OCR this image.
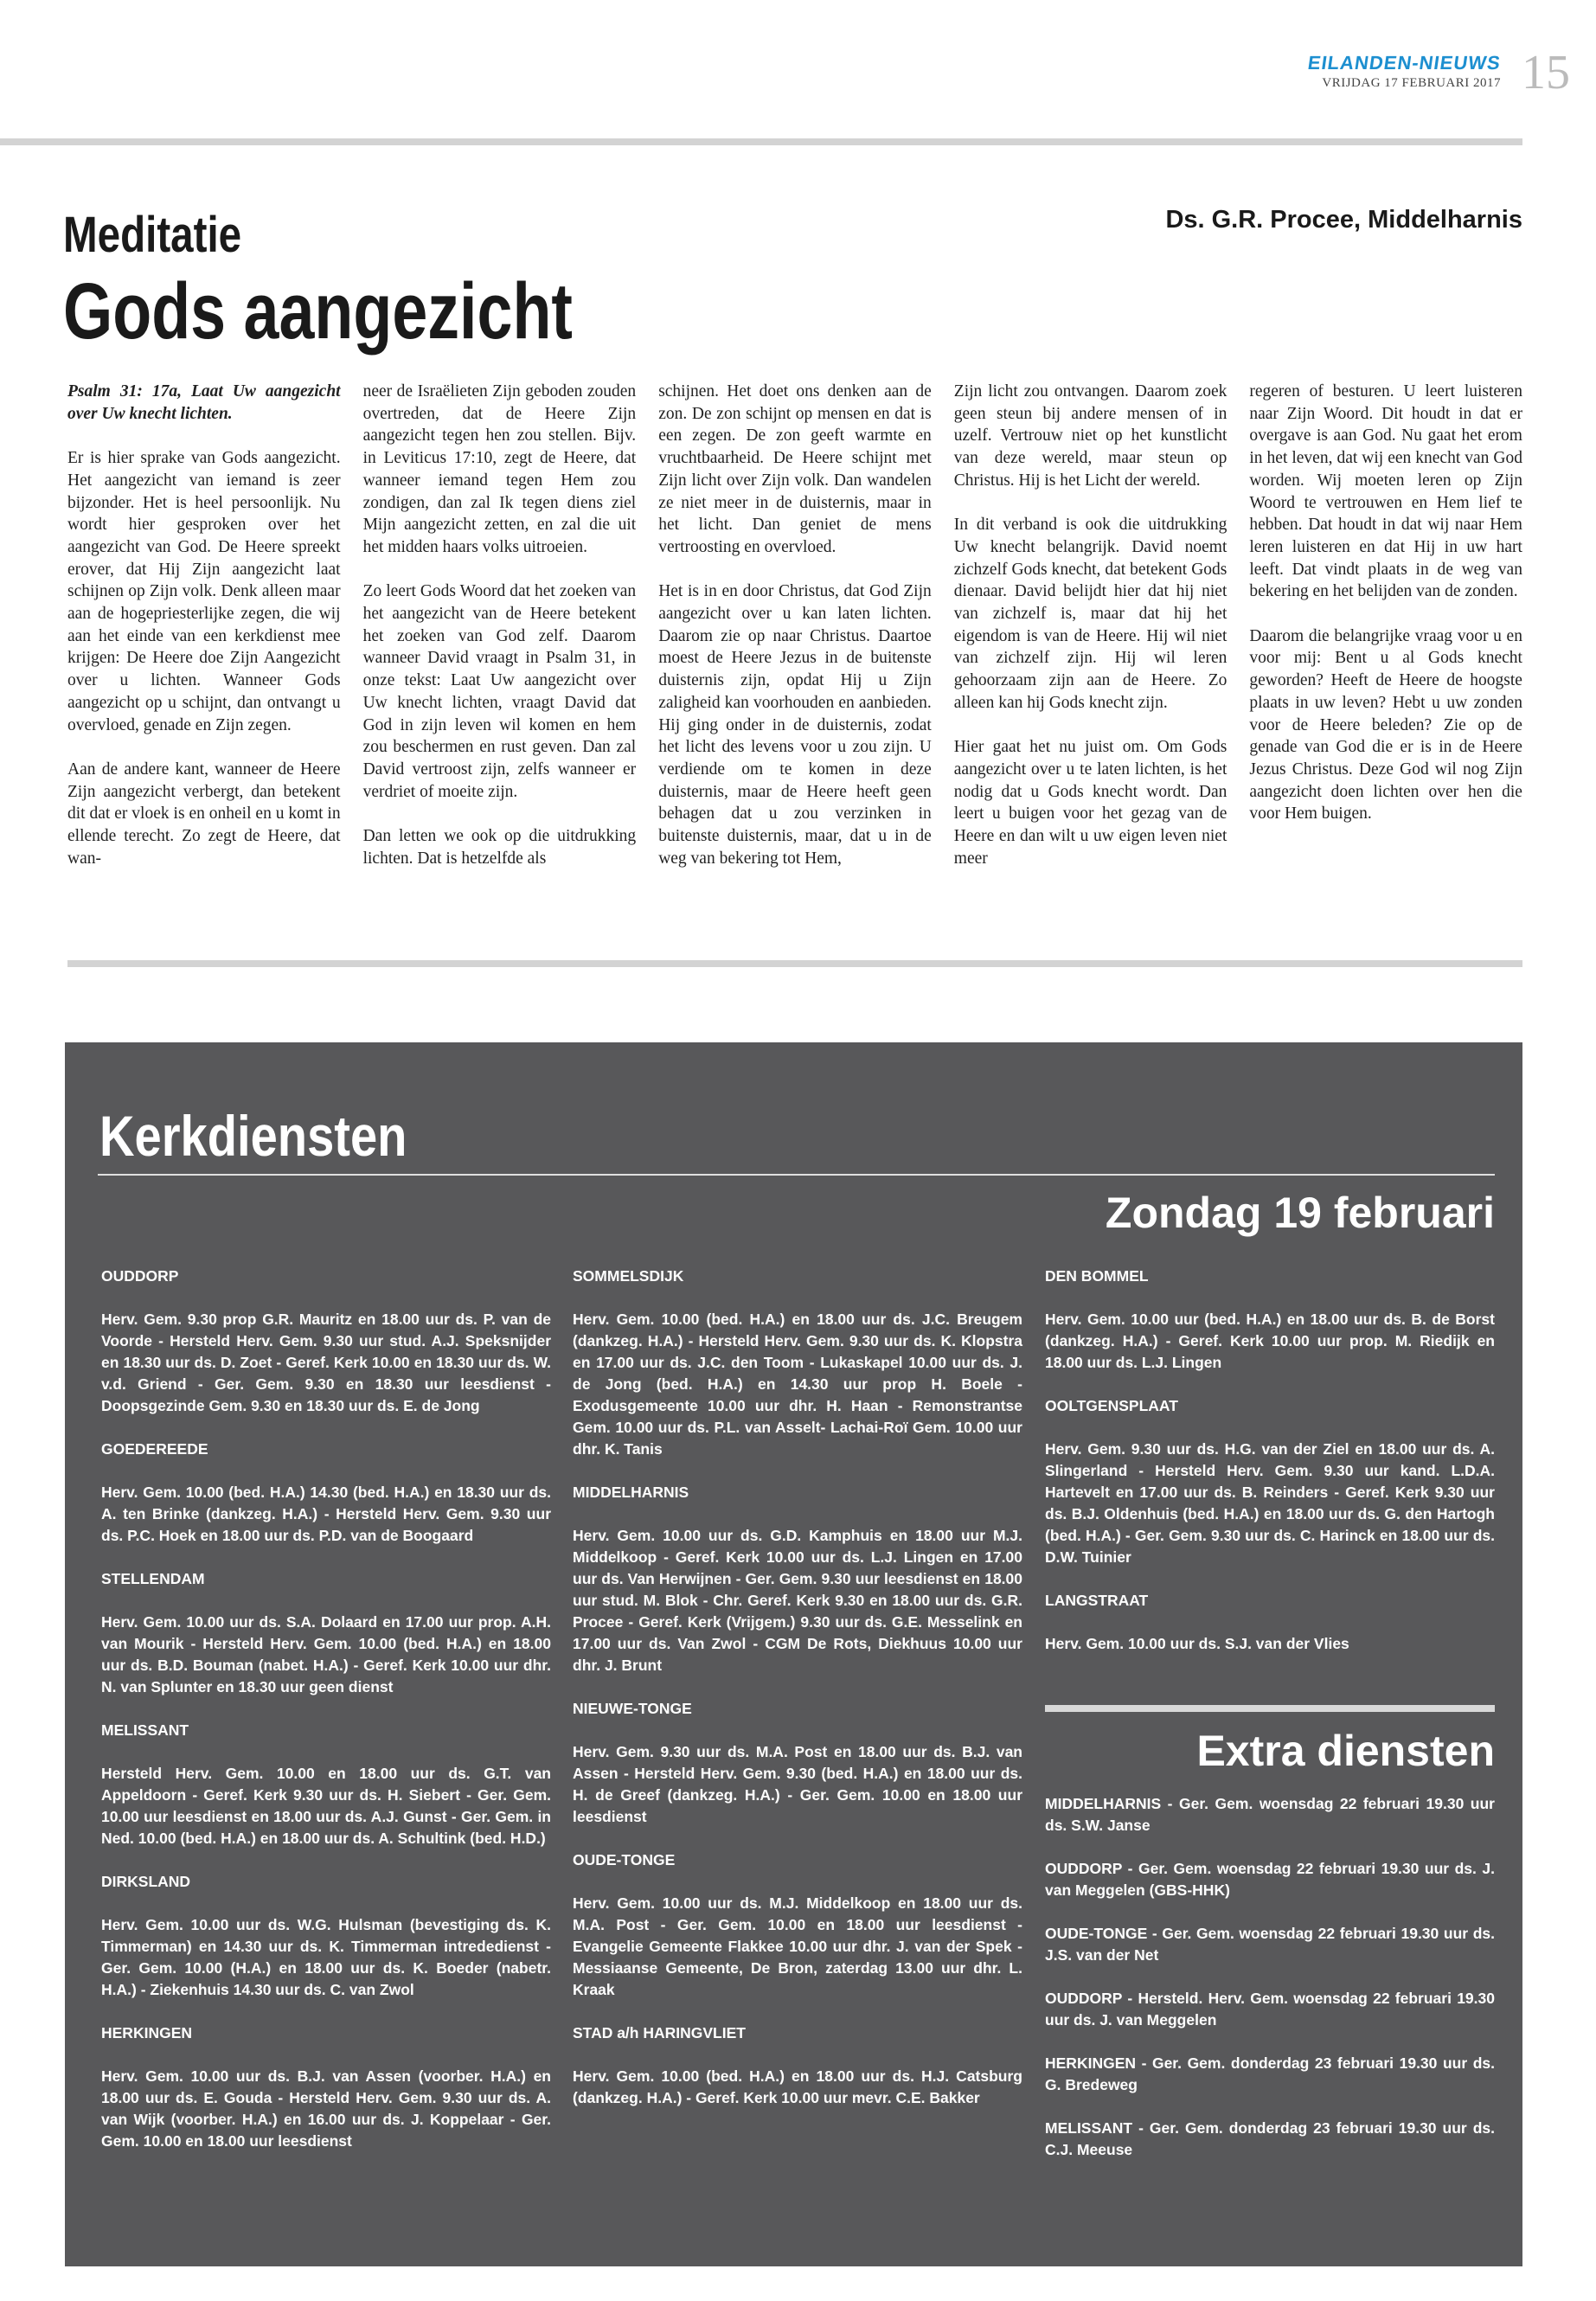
EILANDEN-NIEUWS
VRIJDAG 17 FEBRUARI 2017 15
Meditatie	Ds. G.R. Procee, Middelharnis
Gods aangezicht

Psalm 31: 17a, Laat Uw aangezicht over Uw knecht lichten.

Er is hier sprake van Gods aangezicht. Het aangezicht van iemand is zeer bijzonder. Het is heel persoonlijk. Nu wordt hier gesproken over het aangezicht van God. De Heere spreekt erover, dat Hij Zijn aangezicht laat schijnen op Zijn volk. Denk alleen maar aan de hogepriesterlijke zegen, die wij aan het einde van een kerkdienst mee krijgen: De Heere doe Zijn Aangezicht over u lichten. Wanneer Gods aangezicht op u schijnt, dan ontvangt u overvloed, genade en Zijn zegen.

Aan de andere kant, wanneer de Heere Zijn aangezicht verbergt, dan betekent dit dat er vloek is en onheil en u komt in ellende terecht. Zo zegt de Heere, dat wan-

neer de Israëlieten Zijn geboden zouden overtreden, dat de Heere Zijn aangezicht tegen hen zou stellen. Bijv. in Leviticus 17:10, zegt de Heere, dat wanneer iemand tegen Hem zou zondigen, dan zal Ik tegen diens ziel Mijn aangezicht zetten, en zal die uit het midden haars volks uitroeien.

Zo leert Gods Woord dat het zoeken van het aangezicht van de Heere betekent het zoeken van God zelf. Daarom wanneer David vraagt in Psalm 31, in onze tekst: Laat Uw aangezicht over Uw knecht lichten, vraagt David dat God in zijn leven wil komen en hem zou beschermen en rust geven. Dan zal David vertroost zijn, zelfs wanneer er verdriet of moeite zijn.

Dan letten we ook op die uitdrukking lichten. Dat is hetzelfde als

schijnen. Het doet ons denken aan de zon. De zon schijnt op mensen en dat is een zegen. De zon geeft warmte en vruchtbaarheid. De Heere schijnt met Zijn licht over Zijn volk. Dan wandelen ze niet meer in de duisternis, maar in het licht. Dan geniet de mens vertroosting en overvloed.

Het is in en door Christus, dat God Zijn aangezicht over u kan laten lichten. Daarom zie op naar Christus. Daartoe moest de Heere Jezus in de buitenste duisternis zijn, opdat Hij u Zijn zaligheid kan voorhouden en aanbieden. Hij ging onder in de duisternis, zodat het licht des levens voor u zou zijn. U verdiende om te komen in deze duisternis, maar de Heere heeft geen behagen dat u zou verzinken in buitenste duisternis, maar, dat u in de weg van bekering tot Hem,

Zijn licht zou ontvangen. Daarom zoek geen steun bij andere mensen of in uzelf. Vertrouw niet op het kunstlicht van deze wereld, maar steun op Christus. Hij is het Licht der wereld.

In dit verband is ook die uitdrukking Uw knecht belangrijk. David noemt zichzelf Gods knecht, dat betekent Gods dienaar. David belijdt hier dat hij niet van zichzelf is, maar dat hij het eigendom is van de Heere. Hij wil niet van zichzelf zijn. Hij wil leren gehoorzaam zijn aan de Heere. Zo alleen kan hij Gods knecht zijn.

Hier gaat het nu juist om. Om Gods aangezicht over u te laten lichten, is het nodig dat u Gods knecht wordt. Dan leert u buigen voor het gezag van de Heere en dan wilt u uw eigen leven niet meer

regeren of besturen. U leert luisteren naar Zijn Woord. Dit houdt in dat er overgave is aan God. Nu gaat het erom in het leven, dat wij een knecht van God worden. Wij moeten leren op Zijn Woord te vertrouwen en Hem lief te hebben. Dat houdt in dat wij naar Hem leren luisteren en dat Hij in uw hart leeft. Dat vindt plaats in de weg van bekering en het belijden van de zonden.

Daarom die belangrijke vraag voor u en voor mij: Bent u al Gods knecht geworden? Heeft de Heere de hoogste plaats in uw leven? Hebt u uw zonden voor de Heere beleden? Zie op de genade van God die er is in de Heere Jezus Christus. Deze God wil nog Zijn aangezicht doen lichten over hen die voor Hem buigen.

Kerkdiensten
Zondag 19 februari

OUDDORP

Herv. Gem. 9.30 prop G.R. Mauritz en 18.00 uur ds. P. van de Voorde - Hersteld Herv. Gem. 9.30 uur stud. A.J. Speksnijder en 18.30 uur ds. D. Zoet - Geref. Kerk 10.00 en 18.30 uur ds. W. v.d. Griend - Ger. Gem. 9.30 en 18.30 uur leesdienst - Doopsgezinde Gem. 9.30 en 18.30 uur ds. E. de Jong

GOEDEREEDE

Herv. Gem. 10.00 (bed. H.A.) 14.30 (bed. H.A.) en 18.30 uur ds. A. ten Brinke (dankzeg. H.A.) - Hersteld Herv. Gem. 9.30 uur ds. P.C. Hoek en 18.00 uur ds. P.D. van de Boogaard

STELLENDAM

Herv. Gem. 10.00 uur ds. S.A. Dolaard en 17.00 uur prop. A.H. van Mourik - Hersteld Herv. Gem. 10.00 (bed. H.A.) en 18.00 uur ds. B.D. Bouman (nabet. H.A.) - Geref. Kerk 10.00 uur dhr. N. van Splunter en 18.30 uur geen dienst

MELISSANT

Hersteld Herv. Gem. 10.00 en 18.00 uur ds. G.T. van Appeldoorn - Geref. Kerk 9.30 uur ds. H. Siebert - Ger. Gem. 10.00 uur leesdienst en 18.00 uur ds. A.J. Gunst - Ger. Gem. in Ned. 10.00 (bed. H.A.) en 18.00 uur ds. A. Schultink (bed. H.D.)

DIRKSLAND

Herv. Gem. 10.00 uur ds. W.G. Hulsman (bevestiging ds. K. Timmerman) en 14.30 uur ds. K. Timmerman intrededienst - Ger. Gem. 10.00 (H.A.) en 18.00 uur ds. K. Boeder (nabetr. H.A.) - Ziekenhuis 14.30 uur ds. C. van Zwol

HERKINGEN

Herv. Gem. 10.00 uur ds. B.J. van Assen (voorber. H.A.) en 18.00 uur ds. E. Gouda - Hersteld Herv. Gem. 9.30 uur ds. A. van Wijk (voorber. H.A.) en 16.00 uur ds. J. Koppelaar - Ger. Gem. 10.00 en 18.00 uur leesdienst

SOMMELSDIJK

Herv. Gem. 10.00 (bed. H.A.) en 18.00 uur ds. J.C. Breugem (dankzeg. H.A.) - Hersteld Herv. Gem. 9.30 uur ds. K. Klopstra en 17.00 uur ds. J.C. den Toom - Lukaskapel 10.00 uur ds. J. de Jong (bed. H.A.) en 14.30 uur prop H. Boele - Exodusgemeente 10.00 uur dhr. H. Haan - Remonstrantse Gem. 10.00 uur ds. P.L. van Asselt- Lachai-Roï Gem. 10.00 uur dhr. K. Tanis

MIDDELHARNIS

Herv. Gem. 10.00 uur ds. G.D. Kamphuis en 18.00 uur M.J. Middelkoop - Geref. Kerk 10.00 uur ds. L.J. Lingen en 17.00 uur ds. Van Herwijnen - Ger. Gem. 9.30 uur leesdienst en 18.00 uur stud. M. Blok - Chr. Geref. Kerk 9.30 en 18.00 uur ds. G.R. Procee - Geref. Kerk (Vrijgem.) 9.30 uur ds. G.E. Messelink en 17.00 uur ds. Van Zwol - CGM De Rots, Diekhuus 10.00 uur dhr. J. Brunt

NIEUWE-TONGE

Herv. Gem. 9.30 uur ds. M.A. Post en 18.00 uur ds. B.J. van Assen - Hersteld Herv. Gem. 9.30 (bed. H.A.) en 18.00 uur ds. H. de Greef (dankzeg. H.A.) - Ger. Gem. 10.00 en 18.00 uur leesdienst

OUDE-TONGE

Herv. Gem. 10.00 uur ds. M.J. Middelkoop en 18.00 uur ds. M.A. Post - Ger. Gem. 10.00 en 18.00 uur leesdienst - Evangelie Gemeente Flakkee 10.00 uur dhr. J. van der Spek - Messiaanse Gemeente, De Bron, zaterdag 13.00 uur dhr. L. Kraak

STAD a/h HARINGVLIET

Herv. Gem. 10.00 (bed. H.A.) en 18.00 uur ds. H.J. Catsburg (dankzeg. H.A.) - Geref. Kerk 10.00 uur mevr. C.E. Bakker

DEN BOMMEL

Herv. Gem. 10.00 uur (bed. H.A.) en 18.00 uur ds. B. de Borst (dankzeg. H.A.) - Geref. Kerk 10.00 uur prop. M. Riedijk en 18.00 uur ds. L.J. Lingen

OOLTGENSPLAAT

Herv. Gem. 9.30 uur ds. H.G. van der Ziel en 18.00 uur ds. A. Slingerland - Hersteld Herv. Gem. 9.30 uur kand. L.D.A. Hartevelt en 17.00 uur ds. B. Reinders - Geref. Kerk 9.30 uur ds. B.J. Oldenhuis (bed. H.A.) en 18.00 uur ds. G. den Hartogh (bed. H.A.) - Ger. Gem. 9.30 uur ds. C. Harinck en 18.00 uur ds. D.W. Tuinier

LANGSTRAAT

Herv. Gem. 10.00 uur ds. S.J. van der Vlies

Extra diensten

MIDDELHARNIS - Ger. Gem. woensdag 22 februari 19.30 uur ds. S.W. Janse

OUDDORP - Ger. Gem. woensdag 22 februari 19.30 uur ds. J. van Meggelen (GBS-HHK)

OUDE-TONGE - Ger. Gem. woensdag 22 februari 19.30 uur ds. J.S. van der Net

OUDDORP - Hersteld. Herv. Gem. woensdag 22 februari 19.30 uur ds. J. van Meggelen

HERKINGEN - Ger. Gem. donderdag 23 februari 19.30 uur ds. G. Bredeweg

MELISSANT - Ger. Gem. donderdag 23 februari 19.30 uur ds. C.J. Meeuse
